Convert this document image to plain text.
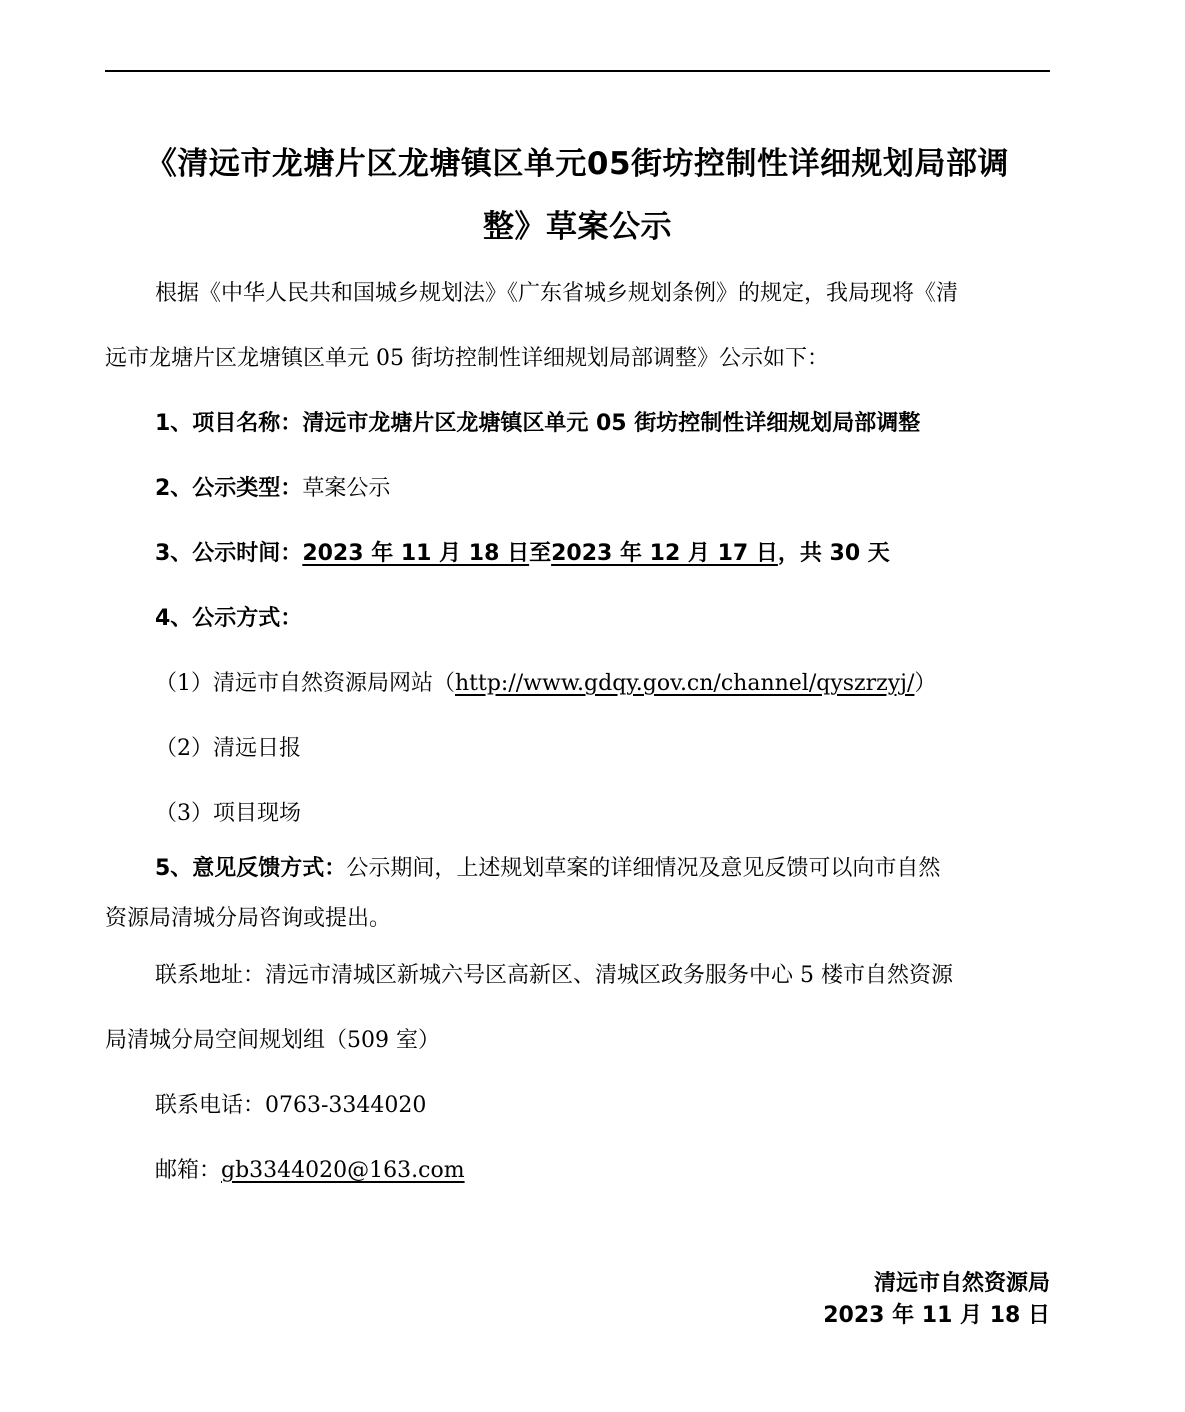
《清远市龙塘片区龙塘镇区单元05街坊控制性详细规划局部调
整》草案公示
根据《中华人民共和国城乡规划法》《广东省城乡规划条例》的规定，我局现将《清
远市龙塘片区龙塘镇区单元 05 街坊控制性详细规划局部调整》公示如下：
1、项目名称：清远市龙塘片区龙塘镇区单元 05 街坊控制性详细规划局部调整
2、公示类型：草案公示
3、公示时间：2023 年 11 月 18 日至2023 年 12 月 17 日，共 30 天
4、公示方式：
（1）清远市自然资源局网站（http://www.gdqy.gov.cn/channel/qyszrzyj/）
（2）清远日报
（3）项目现场
5、意见反馈方式：公示期间，上述规划草案的详细情况及意见反馈可以向市自然
资源局清城分局咨询或提出。
联系地址：清远市清城区新城六号区高新区、清城区政务服务中心 5 楼市自然资源
局清城分局空间规划组（509 室）
联系电话：0763-3344020
邮箱：gb3344020@163.com
清远市自然资源局
2023 年 11 月 18 日
